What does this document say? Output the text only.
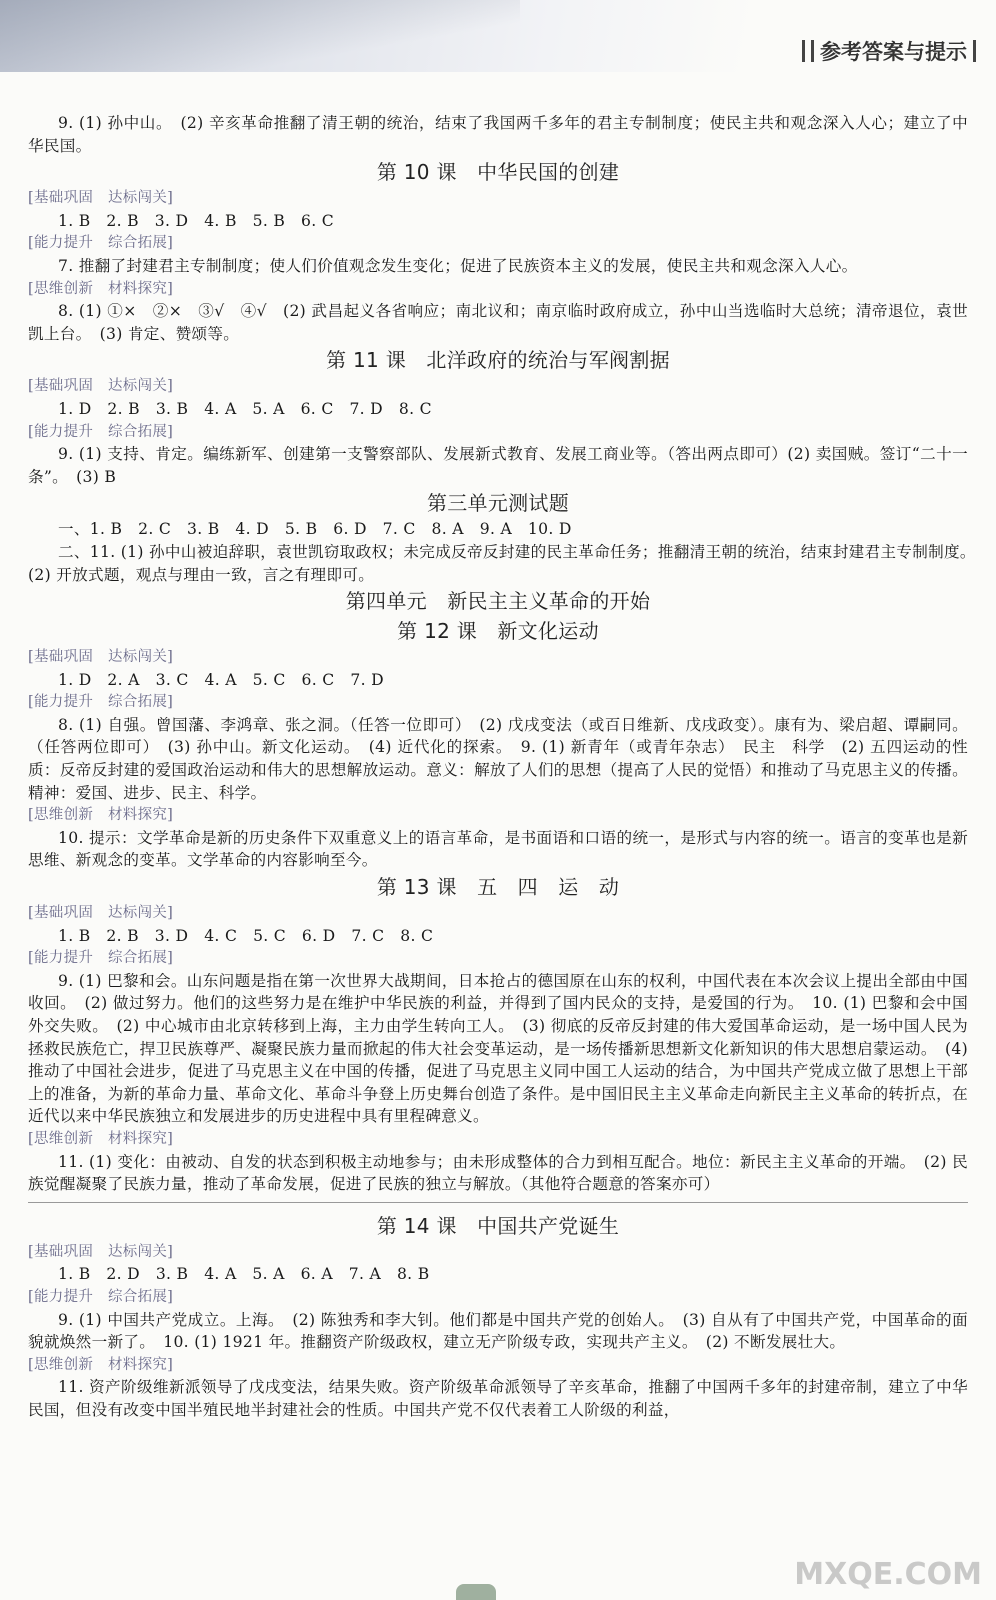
参考答案与提示

9. (1) 孙中山。　(2) 辛亥革命推翻了清王朝的统治，结束了我国两千多年的君主专制制度；使民主共和观念深入人心；建立了中华民国。

第 10 课　中华民国的创建
[ 基础巩固　达标闯关 ]

1. B　2. B　3. D　4. B　5. B　6. C

[ 能力提升　综合拓展 ]

7. 推翻了封建君主专制制度；使人们价值观念发生变化；促进了民族资本主义的发展，使民主共和观念深入人心。

[ 思维创新　材料探究 ]

8. (1) ①×　②×　③√　④√　(2) 武昌起义各省响应；南北议和；南京临时政府成立，孙中山当选临时大总统；清帝退位，袁世凯上台。　(3) 肯定、赞颂等。

第 11 课　北洋政府的统治与军阀割据
[ 基础巩固　达标闯关 ]

1. D　2. B　3. B　4. A　5. A　6. C　7. D　8. C

[ 能力提升　综合拓展 ]

9. (1) 支持、肯定。编练新军、创建第一支警察部队、发展新式教育、发展工商业等。（答出两点即可）(2) 卖国贼。签订“二十一条”。　(3) B

第三单元测试题

一、1. B　2. C　3. B　4. D　5. B　6. D　7. C　8. A　9. A　10. D

二、11. (1) 孙中山被迫辞职，袁世凯窃取政权；未完成反帝反封建的民主革命任务；推翻清王朝的统治，结束封建君主专制制度。　(2) 开放式题，观点与理由一致，言之有理即可。

第四单元　新民主主义革命的开始
第 12 课　新文化运动
[ 基础巩固　达标闯关 ]

1. D　2. A　3. C　4. A　5. C　6. C　7. D

[ 能力提升　综合拓展 ]

8. (1) 自强。曾国藩、李鸿章、张之洞。（任答一位即可）　(2) 戊戌变法（或百日维新、戊戌政变）。康有为、梁启超、谭嗣同。（任答两位即可）　(3) 孙中山。新文化运动。　(4) 近代化的探索。　9. (1) 新青年（或青年杂志）　民主　科学　(2) 五四运动的性质：反帝反封建的爱国政治运动和伟大的思想解放运动。意义：解放了人们的思想（提高了人民的觉悟）和推动了马克思主义的传播。精神：爱国、进步、民主、科学。

[ 思维创新　材料探究 ]

10. 提示：文学革命是新的历史条件下双重意义上的语言革命，是书面语和口语的统一，是形式与内容的统一。语言的变革也是新思维、新观念的变革。文学革命的内容影响至今。

第 13 课　五　四　运　动
[ 基础巩固　达标闯关 ]

1. B　2. B　3. D　4. C　5. C　6. D　7. C　8. C

[ 能力提升　综合拓展 ]

9. (1) 巴黎和会。山东问题是指在第一次世界大战期间，日本抢占的德国原在山东的权利，中国代表在本次会议上提出全部由中国收回。　(2) 做过努力。他们的这些努力是在维护中华民族的利益，并得到了国内民众的支持，是爱国的行为。　10. (1) 巴黎和会中国外交失败。　(2) 中心城市由北京转移到上海，主力由学生转向工人。　(3) 彻底的反帝反封建的伟大爱国革命运动，是一场中国人民为拯救民族危亡，捍卫民族尊严、凝聚民族力量而掀起的伟大社会变革运动，是一场传播新思想新文化新知识的伟大思想启蒙运动。　(4) 推动了中国社会进步，促进了马克思主义在中国的传播，促进了马克思主义同中国工人运动的结合，为中国共产党成立做了思想上干部上的准备，为新的革命力量、革命文化、革命斗争登上历史舞台创造了条件。是中国旧民主主义革命走向新民主主义革命的转折点，在近代以来中华民族独立和发展进步的历史进程中具有里程碑意义。

[ 思维创新　材料探究 ]

11. (1) 变化：由被动、自发的状态到积极主动地参与；由未形成整体的合力到相互配合。地位：新民主主义革命的开端。　(2) 民族觉醒凝聚了民族力量，推动了革命发展，促进了民族的独立与解放。（其他符合题意的答案亦可）

第 14 课　中国共产党诞生
[ 基础巩固　达标闯关 ]

1. B　2. D　3. B　4. A　5. A　6. A　7. A　8. B

[ 能力提升　综合拓展 ]

9. (1) 中国共产党成立。上海。　(2) 陈独秀和李大钊。他们都是中国共产党的创始人。　(3) 自从有了中国共产党，中国革命的面貌就焕然一新了。　10. (1) 1921 年。推翻资产阶级政权，建立无产阶级专政，实现共产主义。　(2) 不断发展壮大。

[ 思维创新　材料探究 ]

11. 资产阶级维新派领导了戊戌变法，结果失败。资产阶级革命派领导了辛亥革命，推翻了中国两千多年的封建帝制，建立了中华民国，但没有改变中国半殖民地半封建社会的性质。中国共产党不仅代表着工人阶级的利益，

MXQE.COM
